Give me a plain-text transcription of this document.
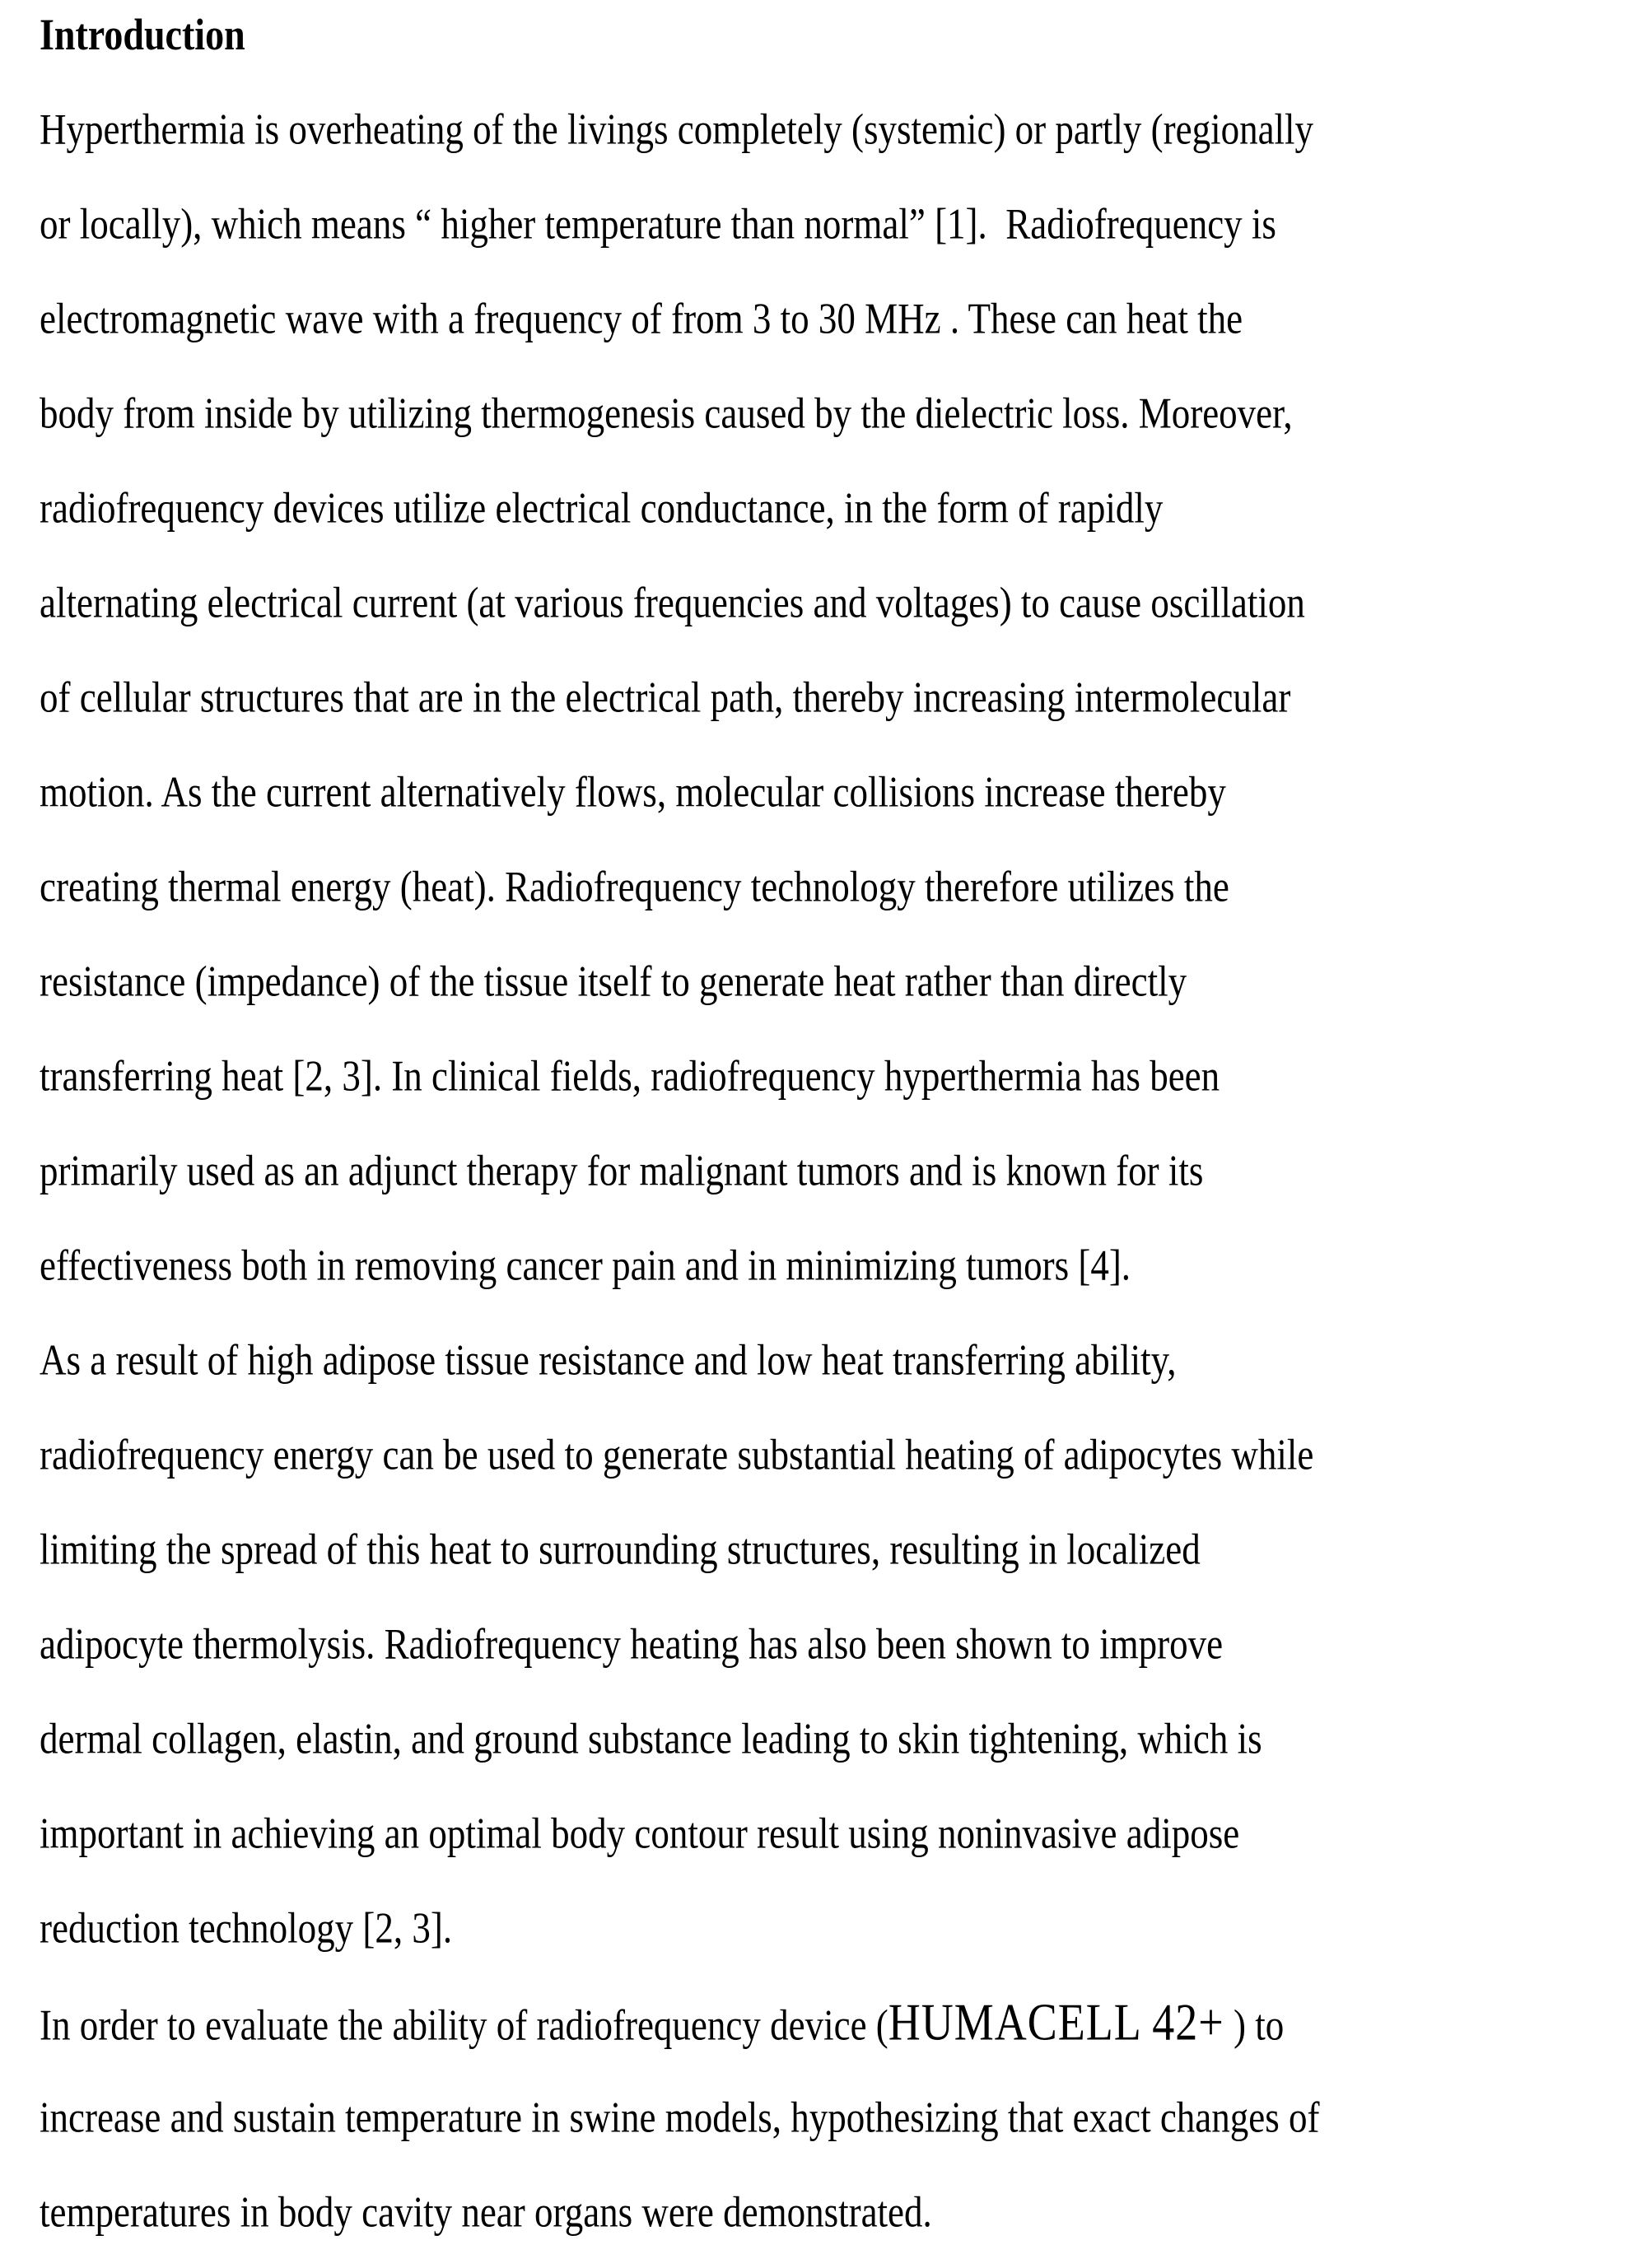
Introduction
Hyperthermia is overheating of the livings completely (systemic) or partly (regionally
or locally), which means “ higher temperature than normal” [1].  Radiofrequency is
electromagnetic wave with a frequency of from 3 to 30 MHz . These can heat the
body from inside by utilizing thermogenesis caused by the dielectric loss. Moreover,
radiofrequency devices utilize electrical conductance, in the form of rapidly
alternating electrical current (at various frequencies and voltages) to cause oscillation
of cellular structures that are in the electrical path, thereby increasing intermolecular
motion. As the current alternatively flows, molecular collisions increase thereby
creating thermal energy (heat). Radiofrequency technology therefore utilizes the
resistance (impedance) of the tissue itself to generate heat rather than directly
transferring heat [2, 3]. In clinical fields, radiofrequency hyperthermia has been
primarily used as an adjunct therapy for malignant tumors and is known for its
effectiveness both in removing cancer pain and in minimizing tumors [4].
As a result of high adipose tissue resistance and low heat transferring ability,
radiofrequency energy can be used to generate substantial heating of adipocytes while
limiting the spread of this heat to surrounding structures, resulting in localized
adipocyte thermolysis. Radiofrequency heating has also been shown to improve
dermal collagen, elastin, and ground substance leading to skin tightening, which is
important in achieving an optimal body contour result using noninvasive adipose
reduction technology [2, 3].
In order to evaluate the ability of radiofrequency device (HUMACELL 42+ ) to
increase and sustain temperature in swine models, hypothesizing that exact changes of
temperatures in body cavity near organs were demonstrated.
